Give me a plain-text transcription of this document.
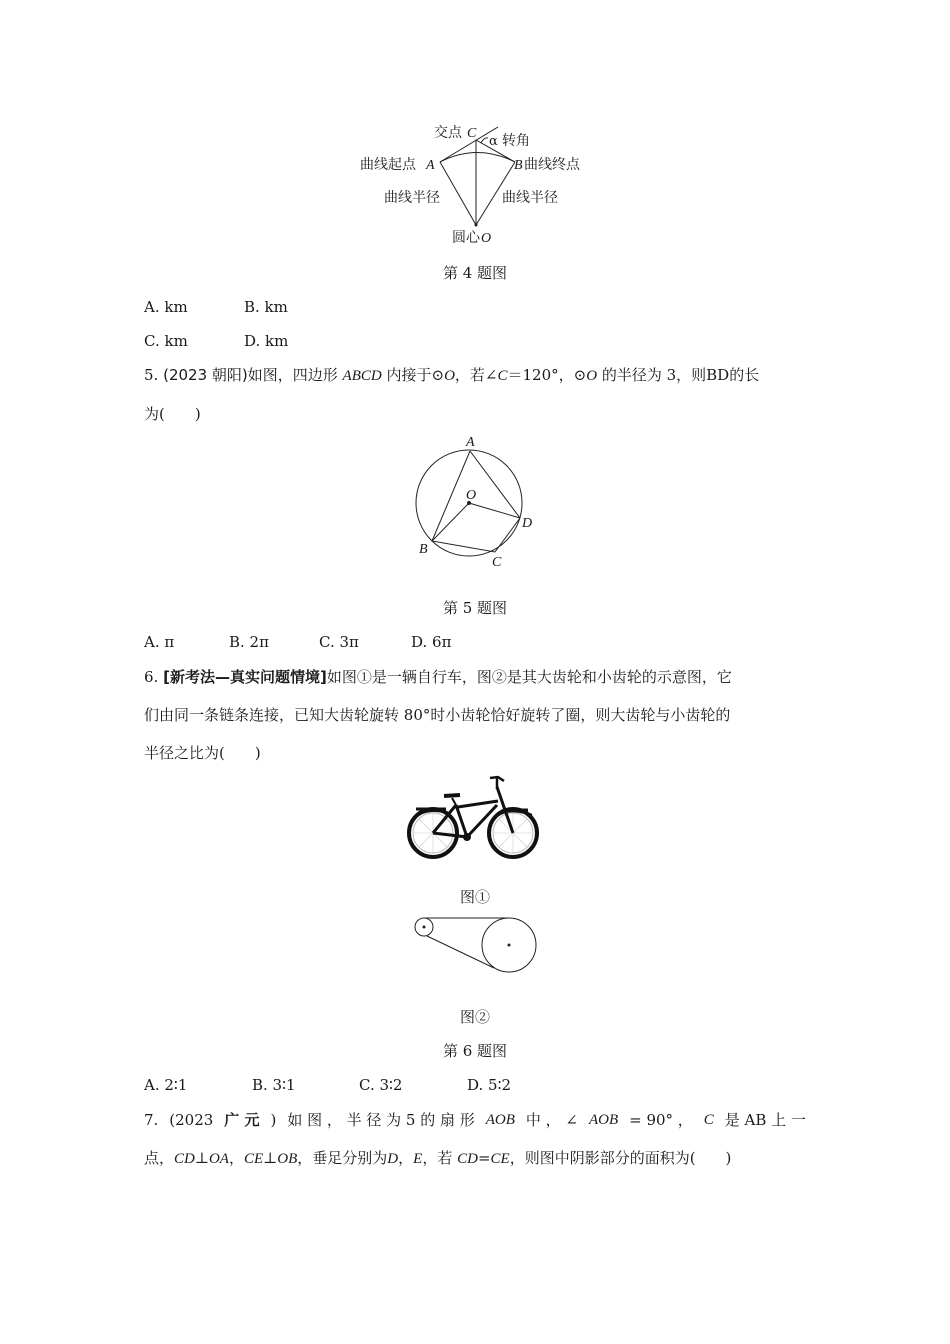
交点 C
α 转角
曲线起点 A	B 曲线终点
曲线半径	曲线半径
圆心 O
第 4 题图
A. km	B. km
C. km	D. km
5. (2023 朝阳)如图，四边形 ABCD 内接于⊙O，若∠C＝120°，⊙O 的半径为 3，则BD的长
为(　　)
A
O
D
B
C
第 5 题图
A. π	B. 2π	C. 3π	D. 6π
6. [新考法—真实问题情境]如图①是一辆自行车，图②是其大齿轮和小齿轮的示意图，它
们由同一条链条连接，已知大齿轮旋转 80°时小齿轮恰好旋转了圈，则大齿轮与小齿轮的
半径之比为(　　)
图①
图②
第 6 题图
A. 2∶1	B. 3∶1	C. 3∶2	D. 5∶2
7. (2023 广 元 ) 如 图 ， 半 径 为 5 的 扇 形 AOB 中 ， ∠ AOB = 90° ， C 是 AB 上 一
点，CD⊥OA，CE⊥OB，垂足分别为D，E，若 CD=CE，则图中阴影部分的面积为(　　)
